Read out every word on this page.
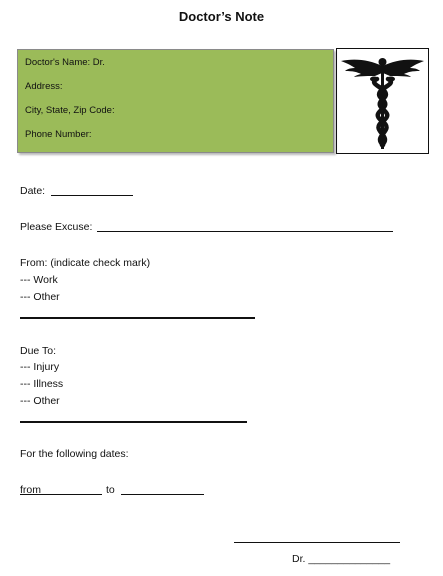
Doctor’s Note
Doctor's Name: Dr.
Address:
City, State, Zip Code:
Phone Number:
Date:
Please Excuse:
From: (indicate check mark)
--- Work
--- Other
Due To:
--- Injury
--- Illness
--- Other
For the following dates:
from	to
Dr. ______________
